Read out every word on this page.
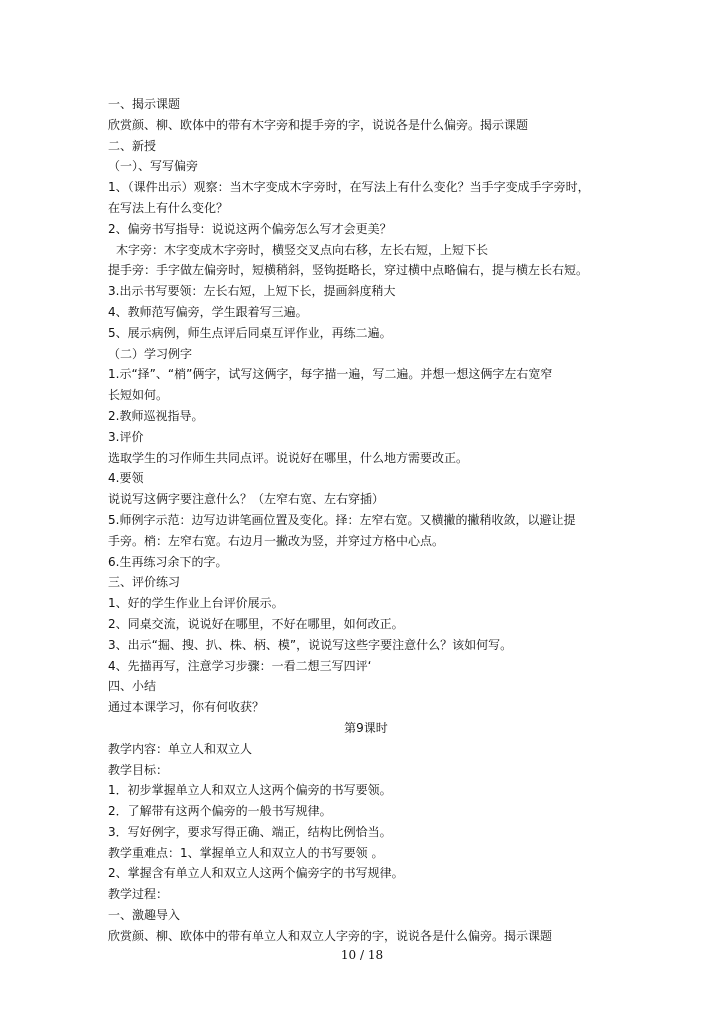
一、揭示课题
欣赏颜、柳、欧体中的带有木字旁和提手旁的字，说说各是什么偏旁。揭示课题
二、新授
（一）、写写偏旁
1、（课件出示）观察：当木字变成木字旁时，在写法上有什么变化？当手字变成手字旁时，
在写法上有什么变化？
2、偏旁书写指导：说说这两个偏旁怎么写才会更美？
木字旁：木字变成木字旁时，横竖交叉点向右移，左长右短，上短下长
提手旁：手字做左偏旁时，短横稍斜，竖钩挺略长，穿过横中点略偏右，提与横左长右短。
3.出示书写要领：左长右短，上短下长，提画斜度稍大
4、教师范写偏旁，学生跟着写三遍。
5、展示病例，师生点评后同桌互评作业，再练二遍。
（二）学习例字
1.示“择”、“梢”俩字，试写这俩字，每字描一遍，写二遍。并想一想这俩字左右宽窄
长短如何。
2.教师巡视指导。
3.评价
选取学生的习作师生共同点评。说说好在哪里，什么地方需要改正。
4.要领
说说写这俩字要注意什么？（左窄右宽、左右穿插）
5.师例字示范：边写边讲笔画位置及变化。择：左窄右宽。又横撇的撇稍收敛，以避让提
手旁。梢：左窄右宽。右边月一撇改为竖，并穿过方格中心点。
6.生再练习余下的字。
三、评价练习
1、好的学生作业上台评价展示。
2、同桌交流，说说好在哪里，不好在哪里，如何改正。
3、出示“掘、搜、扒、株、柄、模”，说说写这些字要注意什么？该如何写。
4、先描再写，注意学习步骤：一看二想三写四评‘
四、小结
通过本课学习，你有何收获？
第9课时
教学内容：单立人和双立人
教学目标：
1．初步掌握单立人和双立人这两个偏旁的书写要领。
2．了解带有这两个偏旁的一般书写规律。
3．写好例字，要求写得正确、端正，结构比例恰当。
教学重难点：1、掌握单立人和双立人的书写要领 。
2、掌握含有单立人和双立人这两个偏旁字的书写规律。
教学过程：
一、激趣导入
欣赏颜、柳、欧体中的带有单立人和双立人字旁的字，说说各是什么偏旁。揭示课题
10 / 18
